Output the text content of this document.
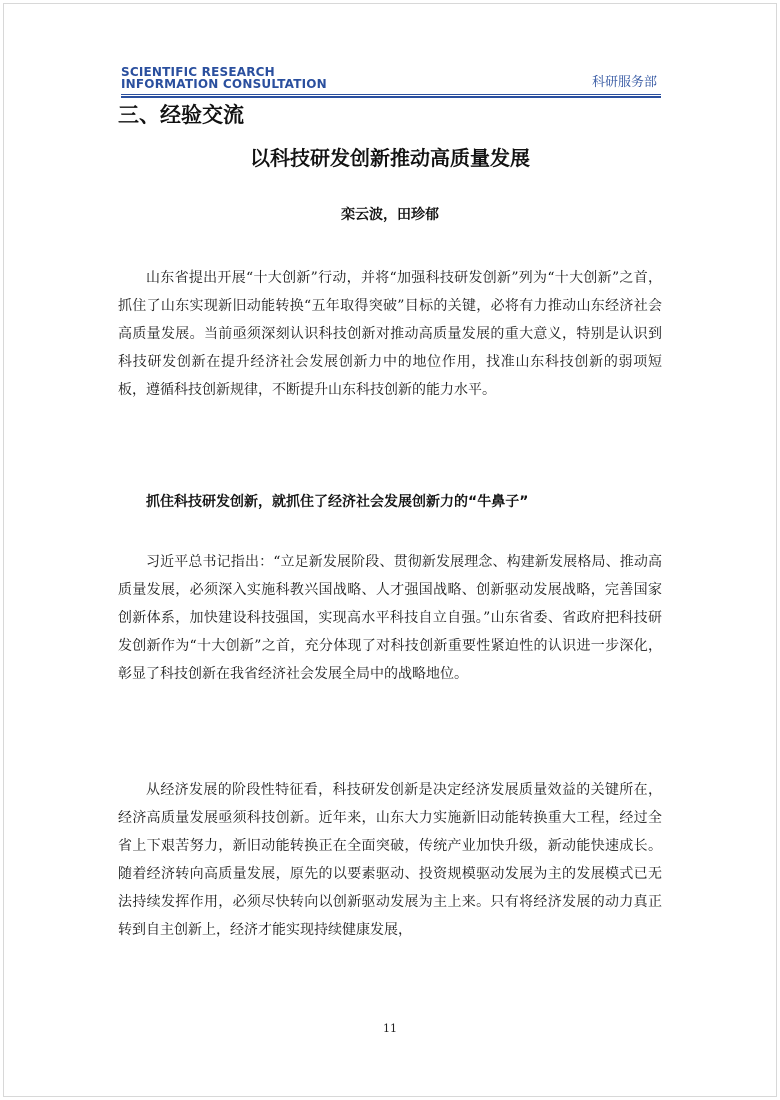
SCIENTIFIC RESEARCH
INFORMATION CONSULTATION	科研服务部
三、经验交流
以科技研发创新推动高质量发展
栾云波，田珍郁

山东省提出开展“十大创新”行动，并将“加强科技研发创新”列为“十大创新”之首，抓住了山东实现新旧动能转换“五年取得突破”目标的关键，必将有力推动山东经济社会高质量发展。当前亟须深刻认识科技创新对推动高质量发展的重大意义，特别是认识到科技研发创新在提升经济社会发展创新力中的地位作用，找准山东科技创新的弱项短板，遵循科技创新规律，不断提升山东科技创新的能力水平。

抓住科技研发创新，就抓住了经济社会发展创新力的“牛鼻子”

习近平总书记指出：“立足新发展阶段、贯彻新发展理念、构建新发展格局、推动高质量发展，必须深入实施科教兴国战略、人才强国战略、创新驱动发展战略，完善国家创新体系，加快建设科技强国，实现高水平科技自立自强。”山东省委、省政府把科技研发创新作为“十大创新”之首，充分体现了对科技创新重要性紧迫性的认识进一步深化，彰显了科技创新在我省经济社会发展全局中的战略地位。

从经济发展的阶段性特征看，科技研发创新是决定经济发展质量效益的关键所在，经济高质量发展亟须科技创新。近年来，山东大力实施新旧动能转换重大工程，经过全省上下艰苦努力，新旧动能转换正在全面突破，传统产业加快升级，新动能快速成长。随着经济转向高质量发展，原先的以要素驱动、投资规模驱动发展为主的发展模式已无法持续发挥作用，必须尽快转向以创新驱动发展为主上来。只有将经济发展的动力真正转到自主创新上，经济才能实现持续健康发展，

11
